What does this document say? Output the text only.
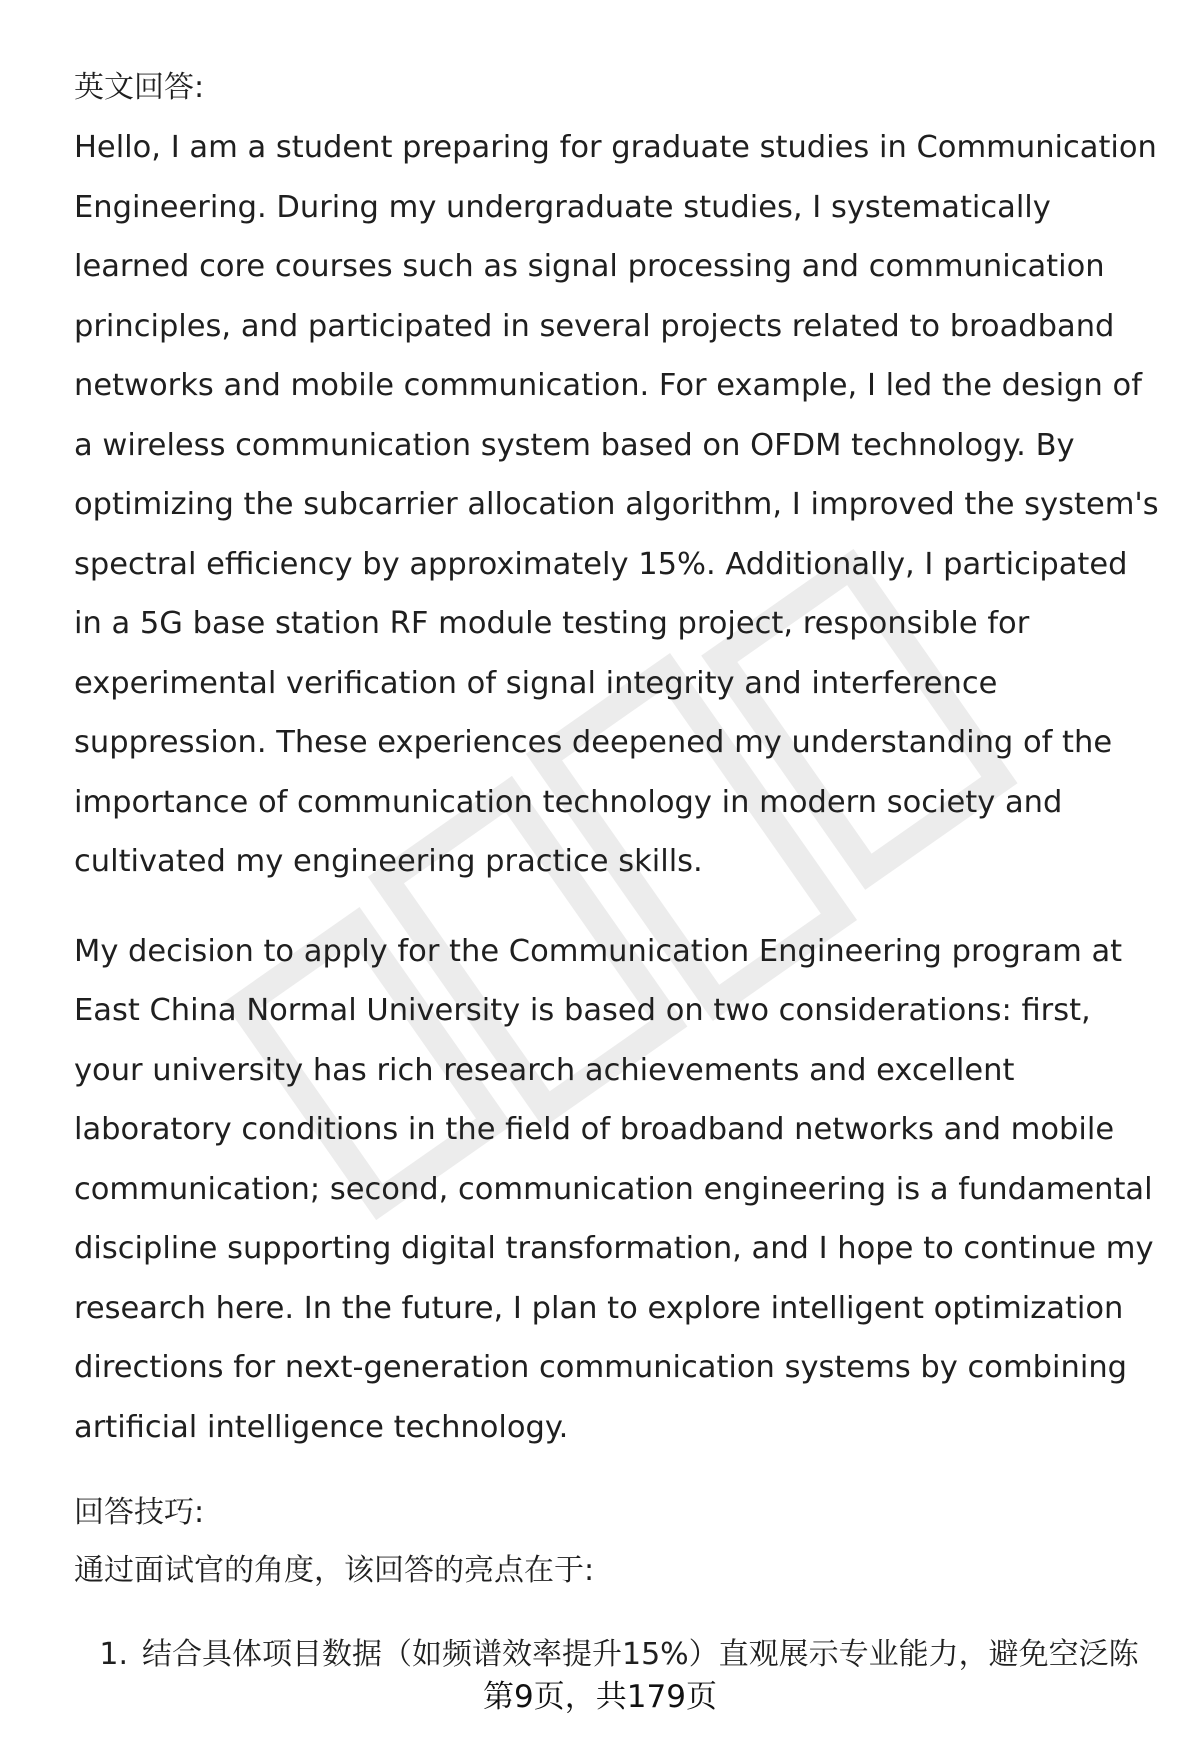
英文回答:

Hello, I am a student preparing for graduate studies in Communication Engineering. During my undergraduate studies, I systematically learned core courses such as signal processing and communication principles, and participated in several projects related to broadband networks and mobile communication. For example, I led the design of a wireless communication system based on OFDM technology. By optimizing the subcarrier allocation algorithm, I improved the system's spectral efficiency by approximately 15%. Additionally, I participated in a 5G base station RF module testing project, responsible for experimental verification of signal integrity and interference suppression. These experiences deepened my understanding of the importance of communication technology in modern society and cultivated my engineering practice skills.

My decision to apply for the Communication Engineering program at East China Normal University is based on two considerations: first, your university has rich research achievements and excellent laboratory conditions in the field of broadband networks and mobile communication; second, communication engineering is a fundamental discipline supporting digital transformation, and I hope to continue my research here. In the future, I plan to explore intelligent optimization directions for next-generation communication systems by combining artificial intelligence technology.

回答技巧:

通过面试官的角度，该回答的亮点在于:

1. 结合具体项目数据（如频谱效率提升15%）直观展示专业能力，避免空泛陈
第9页，共179页
